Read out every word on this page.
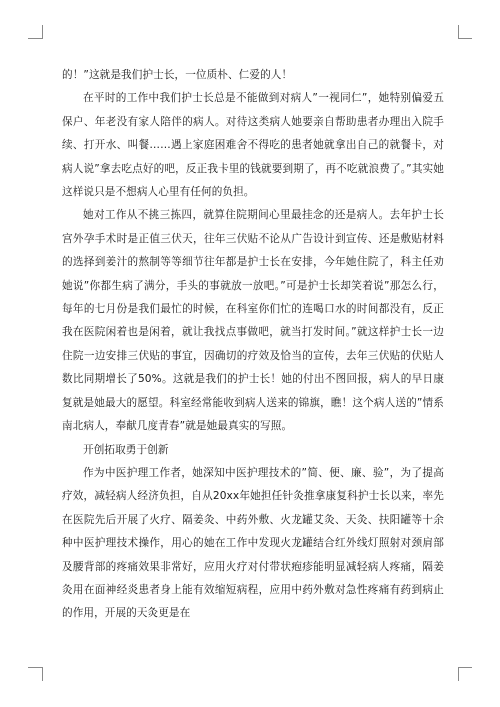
的！”这就是我们护士长，一位质朴、仁爱的人！

在平时的工作中我们护士长总是不能做到对病人”一视同仁”，她特别偏爱五保户、年老没有家人陪伴的病人。对待这类病人她要亲自帮助患者办理出入院手续、打开水、叫餐……遇上家庭困难舍不得吃的患者她就拿出自己的就餐卡，对病人说”拿去吃点好的吧，反正我卡里的钱就要到期了，再不吃就浪费了。”其实她这样说只是不想病人心里有任何的负担。

她对工作从不挑三拣四，就算住院期间心里最挂念的还是病人。去年护士长宫外孕手术时是正值三伏天，往年三伏贴不论从广告设计到宣传、还是敷贴材料的选择到姜汁的熬制等等细节往年都是护士长在安排，今年她住院了，科主任劝她说”你都生病了满分，手头的事就放一放吧。”可是护士长却笑着说”那怎么行，每年的七月份是我们最忙的时候，在科室你们忙的连喝口水的时间都没有，反正我在医院闲着也是闲着，就让我找点事做吧，就当打发时间。”就这样护士长一边住院一边安排三伏贴的事宜，因确切的疗效及恰当的宣传，去年三伏贴的伏贴人数比同期增长了50%。这就是我们的护士长！她的付出不图回报，病人的早日康复就是她最大的愿望。科室经常能收到病人送来的锦旗，瞧！这个病人送的”情系南北病人，奉献几度青春”就是她最真实的写照。

开创拓取勇于创新

作为中医护理工作者，她深知中医护理技术的”简、便、廉、验”，为了提高疗效，减轻病人经济负担，自从20xx年她担任针灸推拿康复科护士长以来，率先在医院先后开展了火疗、隔姜灸、中药外敷、火龙罐艾灸、天灸、扶阳罐等十余种中医护理技术操作，用心的她在工作中发现火龙罐结合红外线灯照射对颈肩部及腰背部的疼痛效果非常好，应用火疗对付带状疱疹能明显减轻病人疼痛，隔姜灸用在面神经炎患者身上能有效缩短病程，应用中药外敷对急性疼痛有药到病止的作用，开展的天灸更是在
